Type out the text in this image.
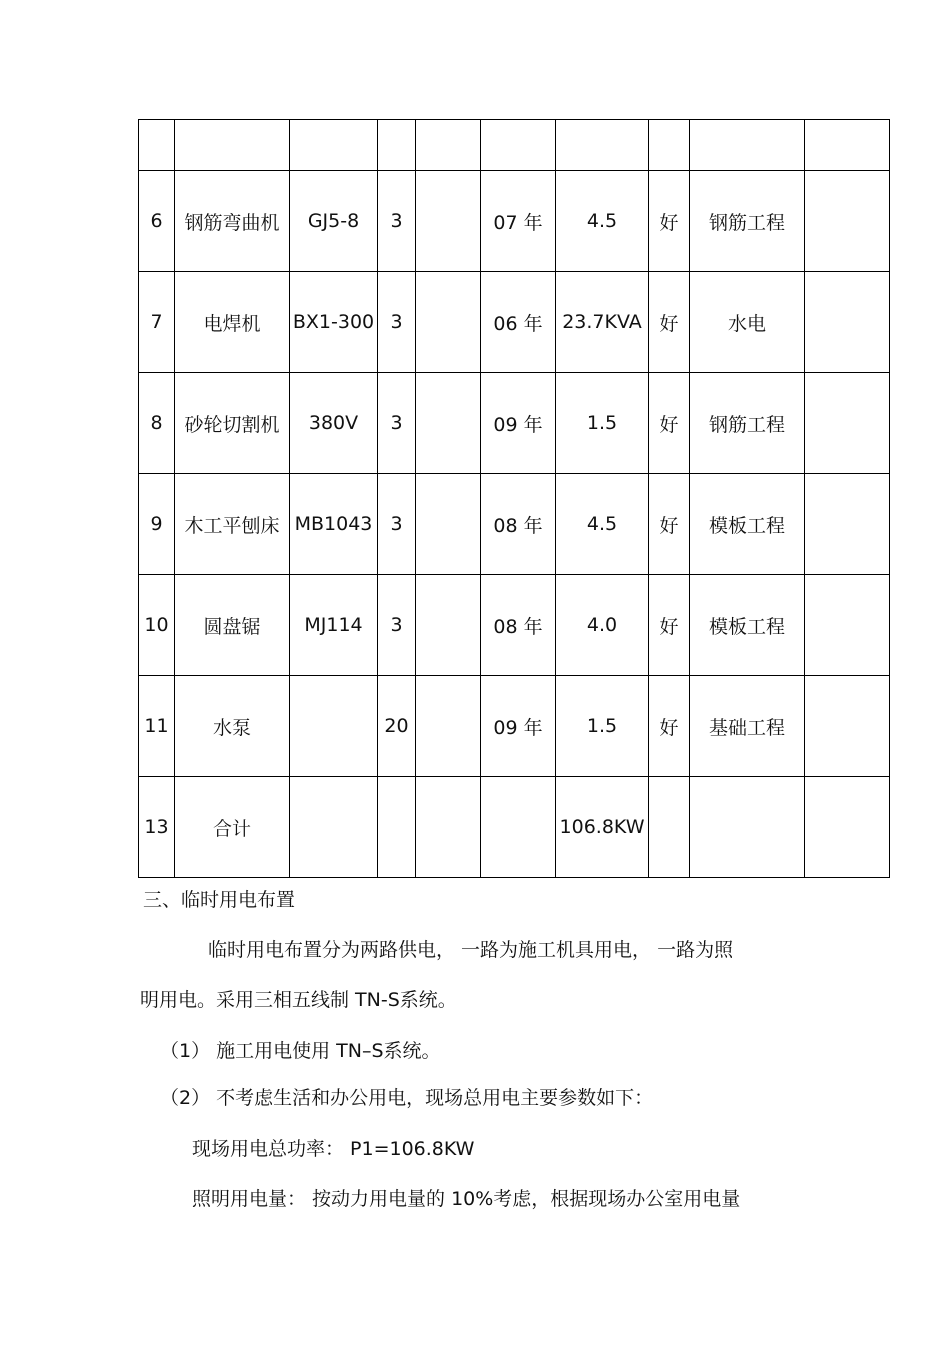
6	钢筋弯曲机	GJ5-8	3		07 年	4.5	好	钢筋工程	
7	电焊机	BX1-300	3		06 年	23.7KVA	好	水电	
8	砂轮切割机	380V	3		09 年	1.5	好	钢筋工程	
9	木工平刨床	MB1043	3		08 年	4.5	好	模板工程	
10	圆盘锯	MJ114	3		08 年	4.0	好	模板工程	
11	水泵		20		09 年	1.5	好	基础工程	
13	合计					106.8KW			
三、临时用电布置
临时用电布置分为两路供电， 一路为施工机具用电， 一路为照
明用电。采用三相五线制 TN-S系统。
（1） 施工用电使用 TN–S系统。
（2） 不考虑生活和办公用电，现场总用电主要参数如下：
现场用电总功率： P1=106.8KW
照明用电量： 按动力用电量的 10%考虑，根据现场办公室用电量
